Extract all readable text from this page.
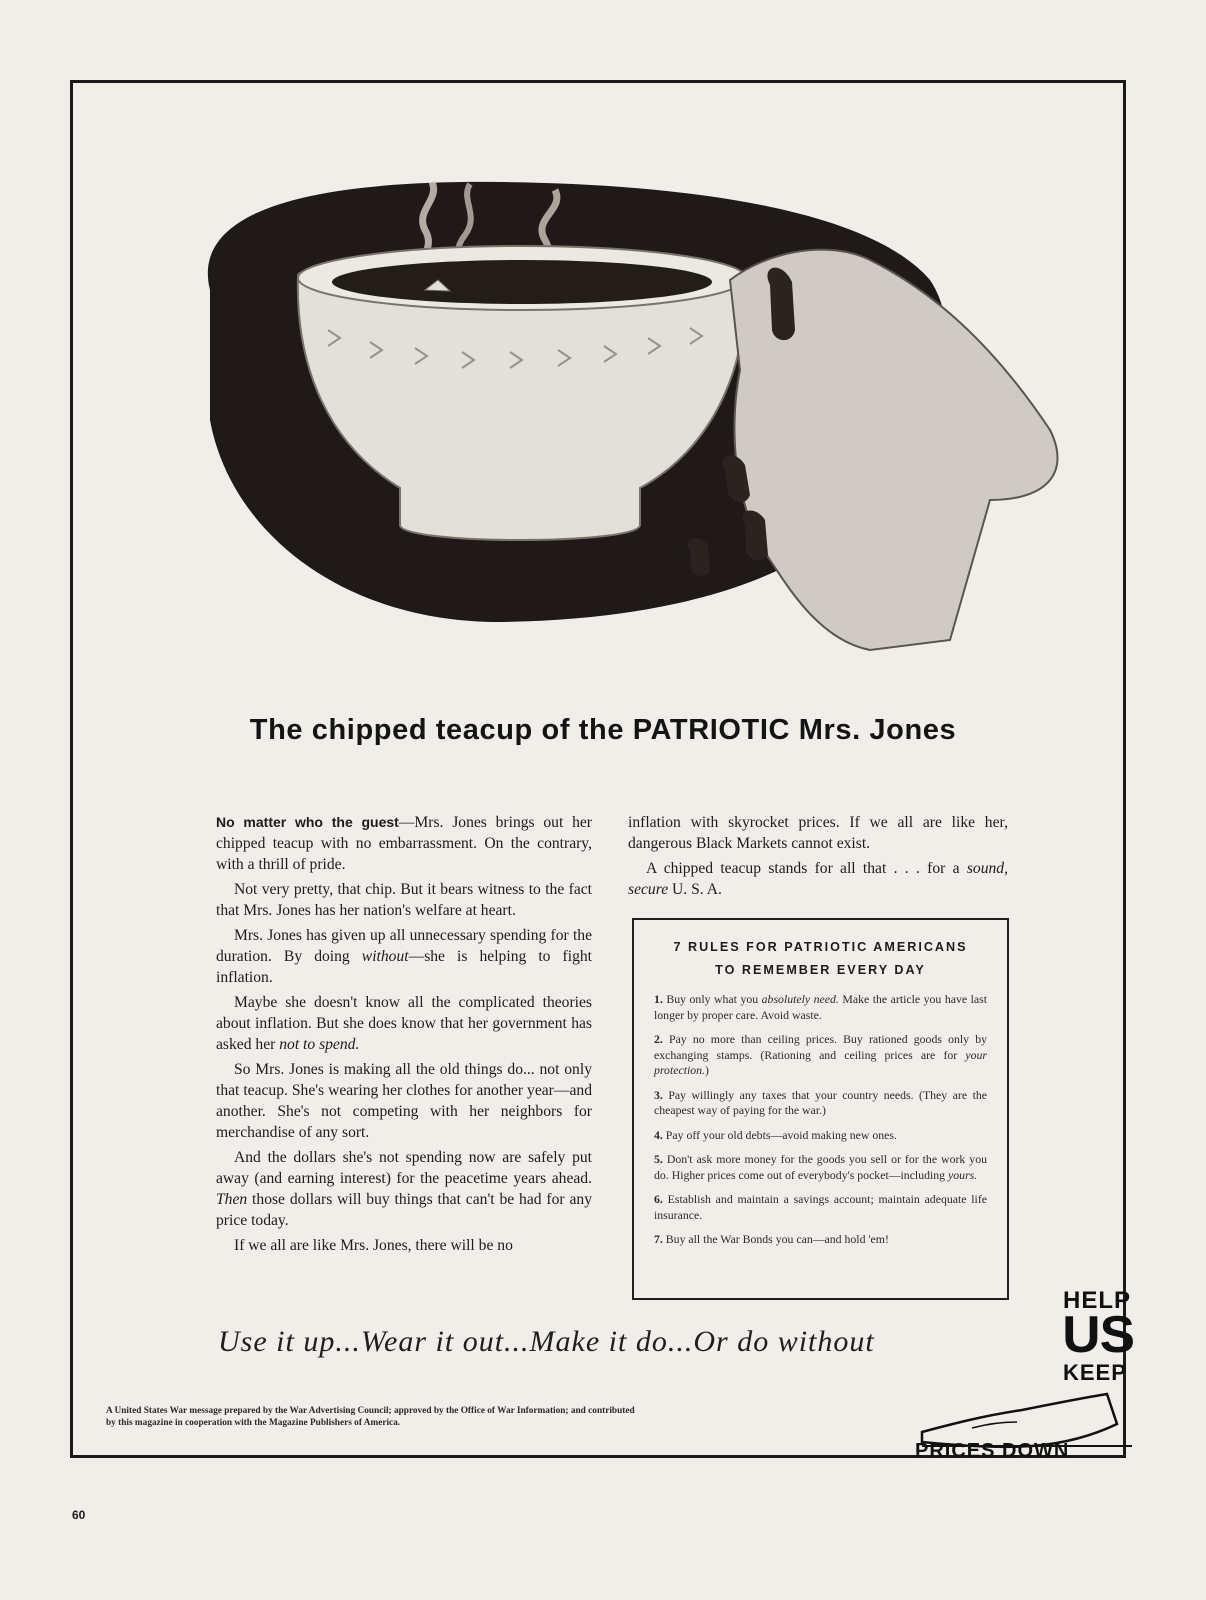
The chipped teacup of the PATRIOTIC Mrs. Jones

No matter who the guest—Mrs. Jones brings out her chipped teacup with no embarrassment. On the contrary, with a thrill of pride.

Not very pretty, that chip. But it bears witness to the fact that Mrs. Jones has her nation's welfare at heart.

Mrs. Jones has given up all unnecessary spending for the duration. By doing without—she is helping to fight inflation.

Maybe she doesn't know all the complicated theories about inflation. But she does know that her government has asked her not to spend.

So Mrs. Jones is making all the old things do... not only that teacup. She's wearing her clothes for another year—and another. She's not competing with her neighbors for merchandise of any sort.

And the dollars she's not spending now are safely put away (and earning interest) for the peacetime years ahead. Then those dollars will buy things that can't be had for any price today.

If we all are like Mrs. Jones, there will be no

inflation with skyrocket prices. If we all are like her, dangerous Black Markets cannot exist.

A chipped teacup stands for all that . . . for a sound, secure U. S. A.

7 RULES FOR PATRIOTIC AMERICANS
TO REMEMBER EVERY DAY
1. Buy only what you absolutely need. Make the article you have last longer by proper care. Avoid waste.
2. Pay no more than ceiling prices. Buy rationed goods only by exchanging stamps. (Rationing and ceiling prices are for your protection.)
3. Pay willingly any taxes that your country needs. (They are the cheapest way of paying for the war.)
4. Pay off your old debts—avoid making new ones.
5. Don't ask more money for the goods you sell or for the work you do. Higher prices come out of everybody's pocket—including yours.
6. Establish and maintain a savings account; maintain adequate life insurance.
7. Buy all the War Bonds you can—and hold 'em!
Use it up...Wear it out...Make it do...Or do without
A United States War message prepared by the War Advertising Council; approved by the Office of War Information; and contributed by this magazine in cooperation with the Magazine Publishers of America.
HELP
US
KEEP
PRICES DOWN
60
